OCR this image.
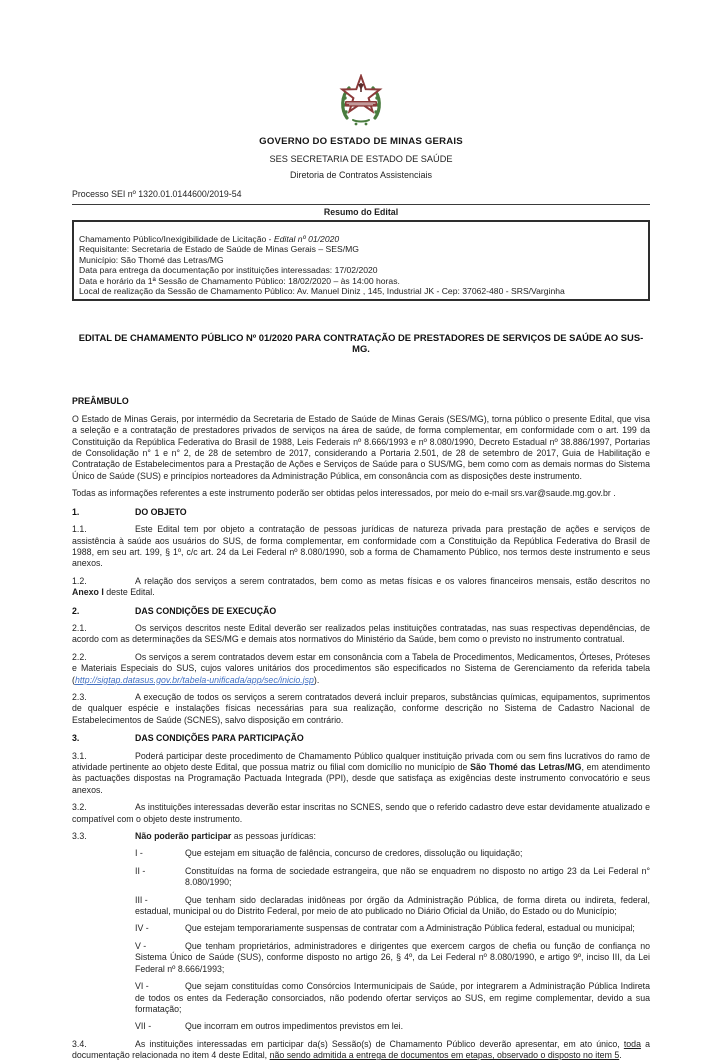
GOVERNO DO ESTADO DE MINAS GERAIS
SES SECRETARIA DE ESTADO DE SAÚDE
Diretoria de Contratos Assistenciais
Processo SEI nº 1320.01.0144600/2019-54
Resumo do Edital
Chamamento Público/Inexigibilidade de Licitação - Edital nº 01/2020
Requisitante: Secretaria de Estado de Saúde de Minas Gerais – SES/MG
Município: São Thomé das Letras/MG
Data para entrega da documentação por instituições interessadas: 17/02/2020
Data e horário da 1ª Sessão de Chamamento Público: 18/02/2020 – às 14:00 horas.
Local de realização da Sessão de Chamamento Público: Av. Manuel Diniz , 145, Industrial JK - Cep: 37062-480 - SRS/Varginha
EDITAL DE CHAMAMENTO PÚBLICO Nº 01/2020 PARA CONTRATAÇÃO DE PRESTADORES DE SERVIÇOS DE SAÚDE AO SUS-MG.
PREÂMBULO
O Estado de Minas Gerais, por intermédio da Secretaria de Estado de Saúde de Minas Gerais (SES/MG), torna público o presente Edital, que visa a seleção e a contratação de prestadores privados de serviços na área de saúde, de forma complementar, em conformidade com o art. 199 da Constituição da República Federativa do Brasil de 1988, Leis Federais nº 8.666/1993 e nº 8.080/1990, Decreto Estadual nº 38.886/1997, Portarias de Consolidação n° 1 e n° 2, de 28 de setembro de 2017, considerando a Portaria 2.501, de 28 de setembro de 2017, Guia de Habilitação e Contratação de Estabelecimentos para a Prestação de Ações e Serviços de Saúde para o SUS/MG, bem como com as demais normas do Sistema Único de Saúde (SUS) e princípios norteadores da Administração Pública, em consonância com as disposições deste instrumento.
Todas as informações referentes a este instrumento poderão ser obtidas pelos interessados, por meio do e-mail srs.var@saude.mg.gov.br .
1.	DO OBJETO
1.1.	Este Edital tem por objeto a contratação de pessoas jurídicas de natureza privada para prestação de ações e serviços de assistência à saúde aos usuários do SUS, de forma complementar, em conformidade com a Constituição da República Federativa do Brasil de 1988, em seu art. 199, § 1º, c/c art. 24 da Lei Federal nº 8.080/1990, sob a forma de Chamamento Público, nos termos deste instrumento e seus anexos.
1.2.	A relação dos serviços a serem contratados, bem como as metas físicas e os valores financeiros mensais, estão descritos no Anexo I deste Edital.
2.	DAS CONDIÇÕES DE EXECUÇÃO
2.1.	Os serviços descritos neste Edital deverão ser realizados pelas instituições contratadas, nas suas respectivas dependências, de acordo com as determinações da SES/MG e demais atos normativos do Ministério da Saúde, bem como o previsto no instrumento contratual.
2.2.	Os serviços a serem contratados devem estar em consonância com a Tabela de Procedimentos, Medicamentos, Órteses, Próteses e Materiais Especiais do SUS, cujos valores unitários dos procedimentos são especificados no Sistema de Gerenciamento da referida tabela (http://sigtap.datasus.gov.br/tabela-unificada/app/sec/inicio.jsp).
2.3.	A execução de todos os serviços a serem contratados deverá incluir preparos, substâncias químicas, equipamentos, suprimentos de qualquer espécie e instalações físicas necessárias para sua realização, conforme descrição no Sistema de Cadastro Nacional de Estabelecimentos de Saúde (SCNES), salvo disposição em contrário.
3.	DAS CONDIÇÕES PARA PARTICIPAÇÃO
3.1.	Poderá participar deste procedimento de Chamamento Público qualquer instituição privada com ou sem fins lucrativos do ramo de atividade pertinente ao objeto deste Edital, que possua matriz ou filial com domicílio no município de São Thomé das Letras/MG, em atendimento às pactuações dispostas na Programação Pactuada Integrada (PPI), desde que satisfaça as exigências deste instrumento convocatório e seus anexos.
3.2.	As instituições interessadas deverão estar inscritas no SCNES, sendo que o referido cadastro deve estar devidamente atualizado e compatível com o objeto deste instrumento.
3.3.	Não poderão participar as pessoas jurídicas:
I -	Que estejam em situação de falência, concurso de credores, dissolução ou liquidação;
II -	Constituídas na forma de sociedade estrangeira, que não se enquadrem no disposto no artigo 23 da Lei Federal n° 8.080/1990;
III -	Que tenham sido declaradas inidôneas por órgão da Administração Pública, de forma direta ou indireta, federal, estadual, municipal ou do Distrito Federal, por meio de ato publicado no Diário Oficial da União, do Estado ou do Município;
IV -	Que estejam temporariamente suspensas de contratar com a Administração Pública federal, estadual ou municipal;
V -	Que tenham proprietários, administradores e dirigentes que exercem cargos de chefia ou função de confiança no Sistema Único de Saúde (SUS), conforme disposto no artigo 26, § 4º, da Lei Federal nº 8.080/1990, e artigo 9º, inciso III, da Lei Federal nº 8.666/1993;
VI -	Que sejam constituídas como Consórcios Intermunicipais de Saúde, por integrarem a Administração Pública Indireta de todos os entes da Federação consorciados, não podendo ofertar serviços ao SUS, em regime complementar, devido a sua formatação;
VII -	Que incorram em outros impedimentos previstos em lei.
3.4.	As instituições interessadas em participar da(s) Sessão(s) de Chamamento Público deverão apresentar, em ato único, toda a documentação relacionada no item 4 deste Edital, não sendo admitida a entrega de documentos em etapas, observado o disposto no item 5.
